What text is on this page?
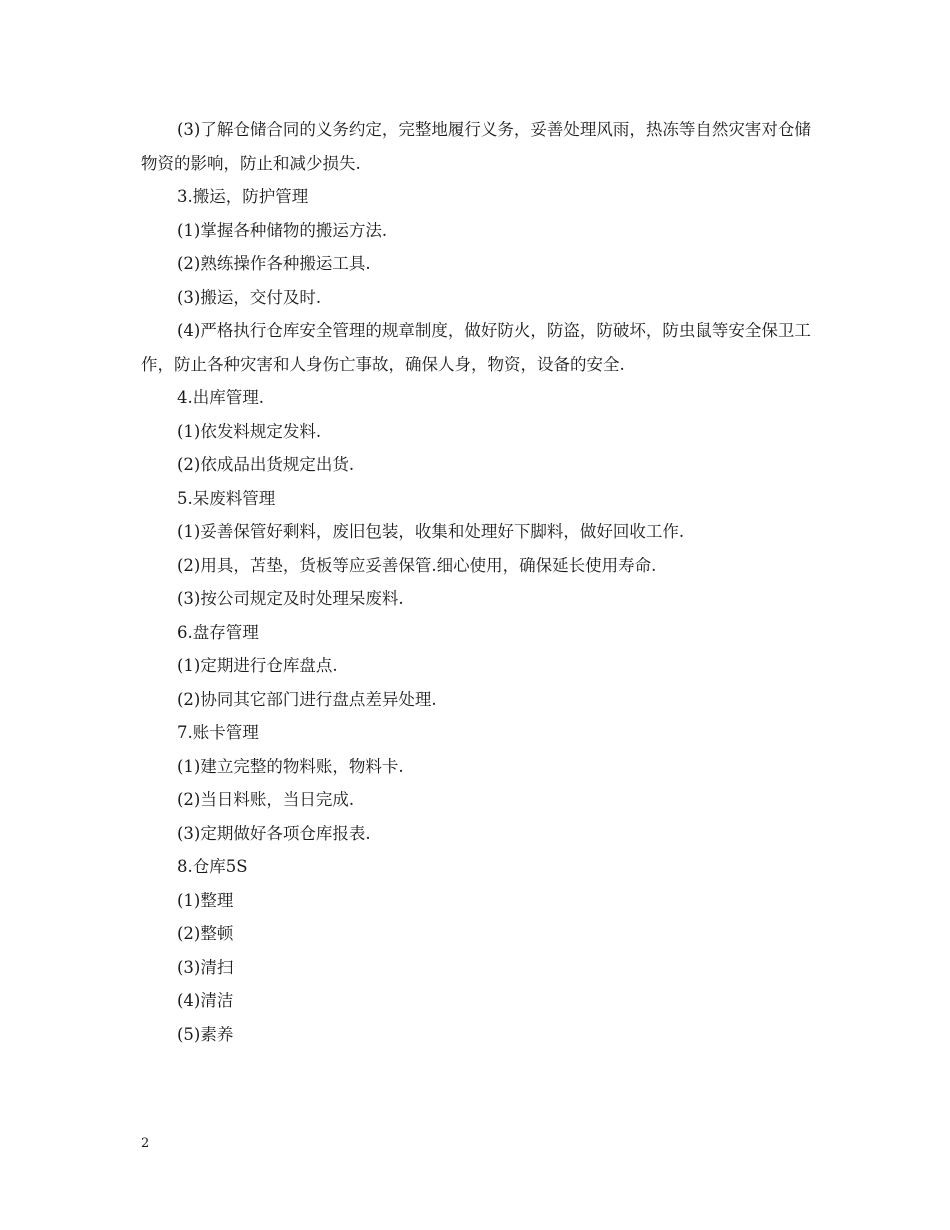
(3)了解仓储合同的义务约定，完整地履行义务，妥善处理风雨，热冻等自然灾害对仓储物资的影响，防止和减少损失.

3.搬运，防护管理

(1)掌握各种储物的搬运方法.

(2)熟练操作各种搬运工具.

(3)搬运，交付及时.

(4)严格执行仓库安全管理的规章制度，做好防火，防盗，防破坏，防虫鼠等安全保卫工作，防止各种灾害和人身伤亡事故，确保人身，物资，设备的安全.

4.出库管理.

(1)依发料规定发料.

(2)依成品出货规定出货.

5.呆废料管理

(1)妥善保管好剩料，废旧包装，收集和处理好下脚料，做好回收工作.

(2)用具，苫垫，货板等应妥善保管.细心使用，确保延长使用寿命.

(3)按公司规定及时处理呆废料.

6.盘存管理

(1)定期进行仓库盘点.

(2)协同其它部门进行盘点差异处理.

7.账卡管理

(1)建立完整的物料账，物料卡.

(2)当日料账，当日完成.

(3)定期做好各项仓库报表.

8.仓库5S

(1)整理

(2)整顿

(3)清扫

(4)清洁

(5)素养

2
